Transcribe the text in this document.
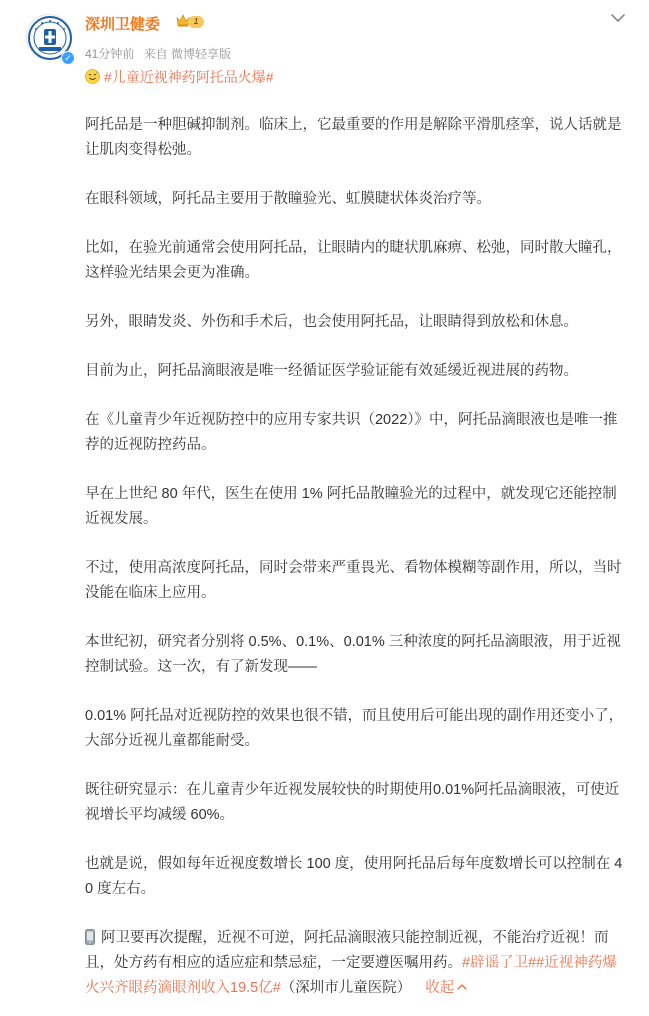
✓
深圳卫健委	1
41分钟前 来自 微博轻享版
#儿童近视神药阿托品火爆#

阿托品是一种胆碱抑制剂。临床上，它最重要的作用是解除平滑肌痉挛，说人话就是让肌肉变得松弛。

在眼科领域，阿托品主要用于散瞳验光、虹膜睫状体炎治疗等。

比如，在验光前通常会使用阿托品，让眼睛内的睫状肌麻痹、松弛，同时散大瞳孔，这样验光结果会更为准确。

另外，眼睛发炎、外伤和手术后，也会使用阿托品，让眼睛得到放松和休息。

目前为止，阿托品滴眼液是唯一经循证医学验证能有效延缓近视进展的药物。

在《儿童青少年近视防控中的应用专家共识（2022）》中，阿托品滴眼液也是唯一推荐的近视防控药品。

早在上世纪 80 年代，医生在使用 1% 阿托品散瞳验光的过程中，就发现它还能控制近视发展。

不过，使用高浓度阿托品，同时会带来严重畏光、看物体模糊等副作用，所以，当时没能在临床上应用。

本世纪初，研究者分别将 0.5%、0.1%、0.01% 三种浓度的阿托品滴眼液，用于近视控制试验。这一次，有了新发现——

0.01% 阿托品对近视防控的效果也很不错，而且使用后可能出现的副作用还变小了，大部分近视儿童都能耐受。

既往研究显示：在儿童青少年近视发展较快的时期使用0.01%阿托品滴眼液，可使近视增长平均减缓 60%。

也就是说，假如每年近视度数增长 100 度，使用阿托品后每年度数增长可以控制在 40 度左右。

阿卫要再次提醒，近视不可逆，阿托品滴眼液只能控制近视，不能治疗近视！而且，处方药有相应的适应症和禁忌症，一定要遵医嘱用药。#辟谣了卫##近视神药爆火兴齐眼药滴眼剂收入19.5亿#（深圳市儿童医院） 收起
